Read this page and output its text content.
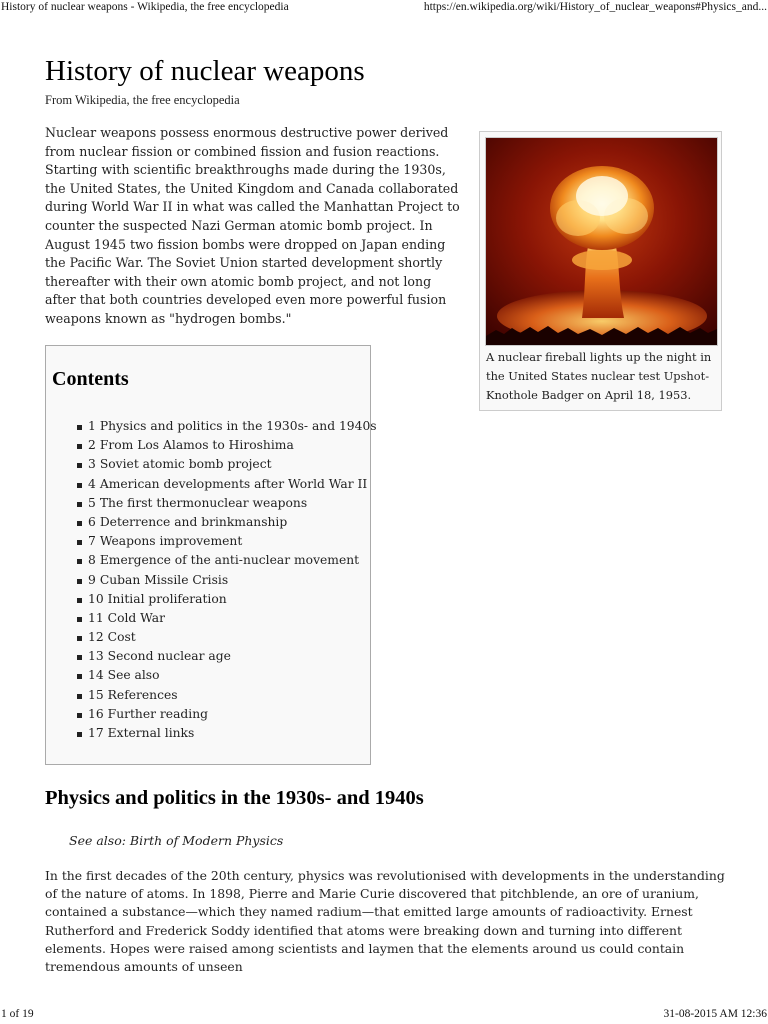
History of nuclear weapons - Wikipedia, the free encyclopedia	https://en.wikipedia.org/wiki/History_of_nuclear_weapons#Physics_and...
History of nuclear weapons
From Wikipedia, the free encyclopedia

Nuclear weapons possess enormous destructive power derived from nuclear fission or combined fission and fusion reactions. Starting with scientific breakthroughs made during the 1930s, the United States, the United Kingdom and Canada collaborated during World War II in what was called the Manhattan Project to counter the suspected Nazi German atomic bomb project. In August 1945 two fission bombs were dropped on Japan ending the Pacific War. The Soviet Union started development shortly thereafter with their own atomic bomb project, and not long after that both countries developed even more powerful fusion weapons known as "hydrogen bombs."

A nuclear fireball lights up the night in the United States nuclear test Upshot-Knothole Badger on April 18, 1953.
Contents
1 Physics and politics in the 1930s- and 1940s
2 From Los Alamos to Hiroshima
3 Soviet atomic bomb project
4 American developments after World War II
5 The first thermonuclear weapons
6 Deterrence and brinkmanship
7 Weapons improvement
8 Emergence of the anti-nuclear movement
9 Cuban Missile Crisis
10 Initial proliferation
11 Cold War
12 Cost
13 Second nuclear age
14 See also
15 References
16 Further reading
17 External links
Physics and politics in the 1930s- and 1940s
See also: Birth of Modern Physics

In the first decades of the 20th century, physics was revolutionised with developments in the understanding of the nature of atoms. In 1898, Pierre and Marie Curie discovered that pitchblende, an ore of uranium, contained a substance—which they named radium—that emitted large amounts of radioactivity. Ernest Rutherford and Frederick Soddy identified that atoms were breaking down and turning into different elements. Hopes were raised among scientists and laymen that the elements around us could contain tremendous amounts of unseen

1 of 19	31-08-2015 AM 12:36
